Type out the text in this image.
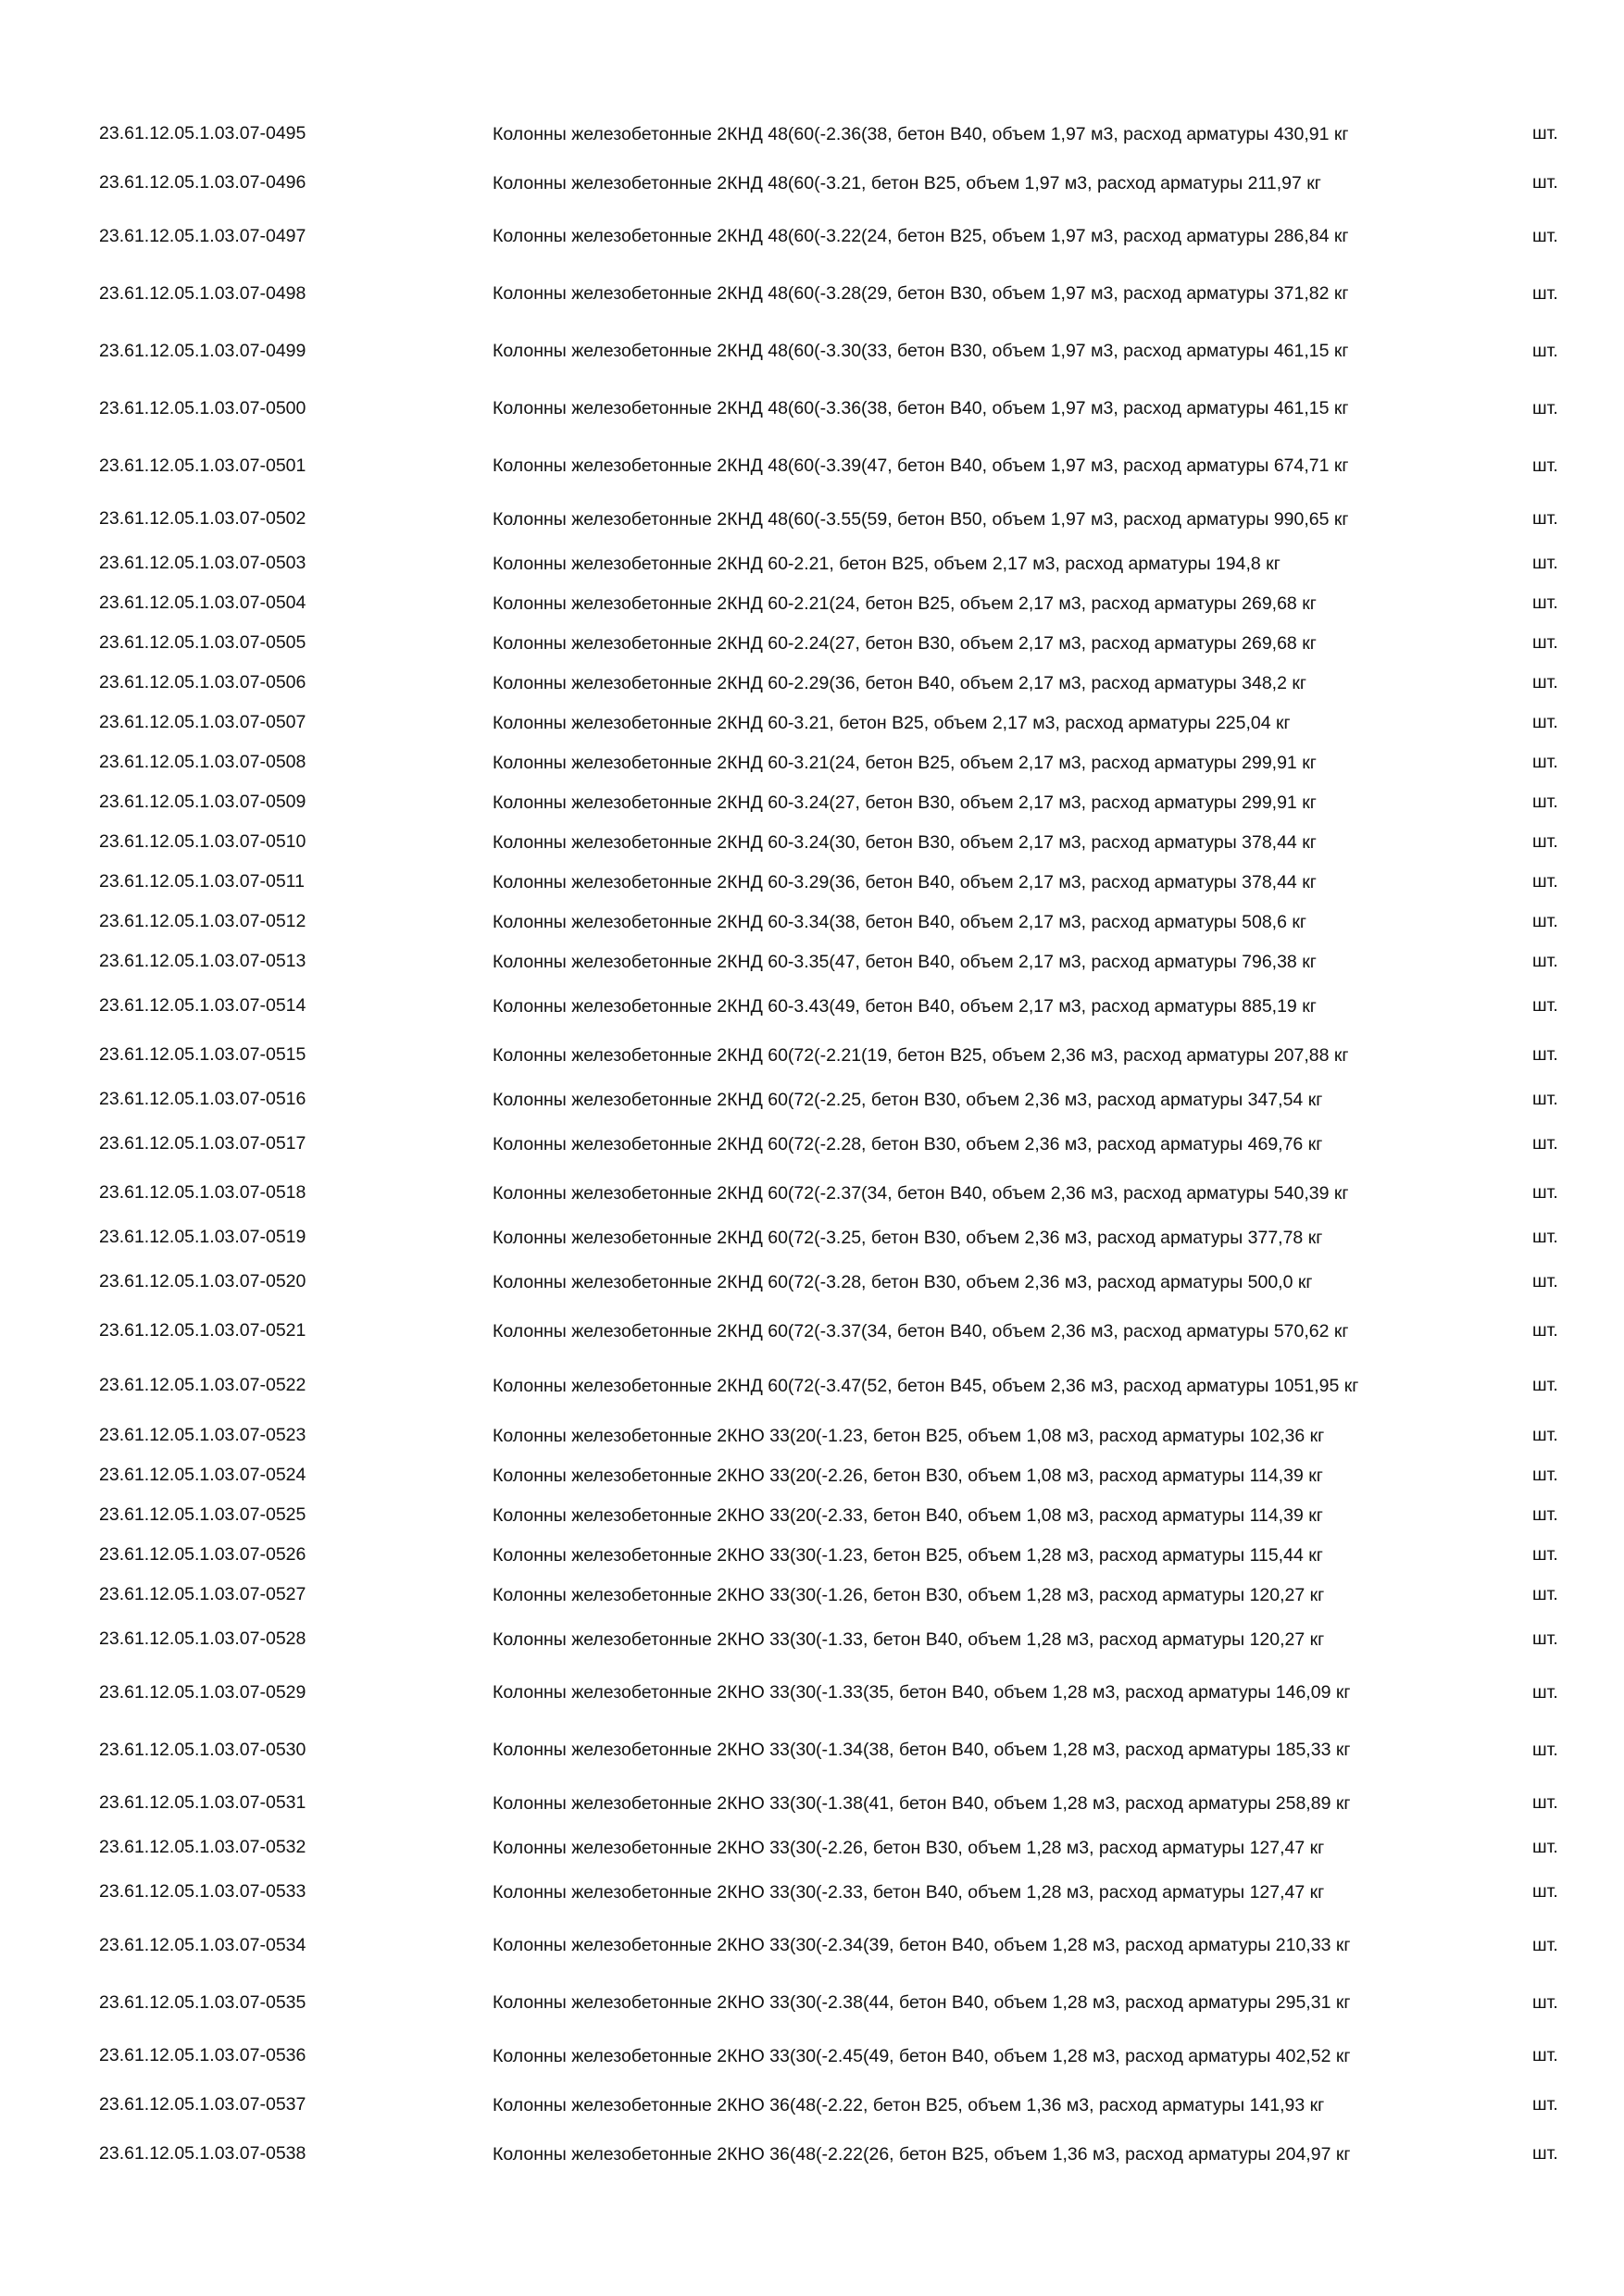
23.61.12.05.1.03.07-0495	Колонны железобетонные 2КНД 48(60(-2.36(38, бетон В40, объем 1,97 м3, расход арматуры 430,91 кг	шт.
23.61.12.05.1.03.07-0496	Колонны железобетонные 2КНД 48(60(-3.21, бетон В25, объем 1,97 м3, расход арматуры 211,97 кг	шт.
23.61.12.05.1.03.07-0497	Колонны железобетонные 2КНД 48(60(-3.22(24, бетон В25, объем 1,97 м3, расход арматуры 286,84 кг	шт.
23.61.12.05.1.03.07-0498	Колонны железобетонные 2КНД 48(60(-3.28(29, бетон В30, объем 1,97 м3, расход арматуры 371,82 кг	шт.
23.61.12.05.1.03.07-0499	Колонны железобетонные 2КНД 48(60(-3.30(33, бетон В30, объем 1,97 м3, расход арматуры 461,15 кг	шт.
23.61.12.05.1.03.07-0500	Колонны железобетонные 2КНД 48(60(-3.36(38, бетон В40, объем 1,97 м3, расход арматуры 461,15 кг	шт.
23.61.12.05.1.03.07-0501	Колонны железобетонные 2КНД 48(60(-3.39(47, бетон В40, объем 1,97 м3, расход арматуры 674,71 кг	шт.
23.61.12.05.1.03.07-0502	Колонны железобетонные 2КНД 48(60(-3.55(59, бетон В50, объем 1,97 м3, расход арматуры 990,65 кг	шт.
23.61.12.05.1.03.07-0503	Колонны железобетонные 2КНД 60-2.21, бетон В25, объем 2,17 м3, расход арматуры 194,8 кг	шт.
23.61.12.05.1.03.07-0504	Колонны железобетонные 2КНД 60-2.21(24, бетон В25, объем 2,17 м3, расход арматуры 269,68 кг	шт.
23.61.12.05.1.03.07-0505	Колонны железобетонные 2КНД 60-2.24(27, бетон В30, объем 2,17 м3, расход арматуры 269,68 кг	шт.
23.61.12.05.1.03.07-0506	Колонны железобетонные 2КНД 60-2.29(36, бетон В40, объем 2,17 м3, расход арматуры 348,2 кг	шт.
23.61.12.05.1.03.07-0507	Колонны железобетонные 2КНД 60-3.21, бетон В25, объем 2,17 м3, расход арматуры 225,04 кг	шт.
23.61.12.05.1.03.07-0508	Колонны железобетонные 2КНД 60-3.21(24, бетон В25, объем 2,17 м3, расход арматуры 299,91 кг	шт.
23.61.12.05.1.03.07-0509	Колонны железобетонные 2КНД 60-3.24(27, бетон В30, объем 2,17 м3, расход арматуры 299,91 кг	шт.
23.61.12.05.1.03.07-0510	Колонны железобетонные 2КНД 60-3.24(30, бетон В30, объем 2,17 м3, расход арматуры 378,44 кг	шт.
23.61.12.05.1.03.07-0511	Колонны железобетонные 2КНД 60-3.29(36, бетон В40, объем 2,17 м3, расход арматуры 378,44 кг	шт.
23.61.12.05.1.03.07-0512	Колонны железобетонные 2КНД 60-3.34(38, бетон В40, объем 2,17 м3, расход арматуры 508,6 кг	шт.
23.61.12.05.1.03.07-0513	Колонны железобетонные 2КНД 60-3.35(47, бетон В40, объем 2,17 м3, расход арматуры 796,38 кг	шт.
23.61.12.05.1.03.07-0514	Колонны железобетонные 2КНД 60-3.43(49, бетон В40, объем 2,17 м3, расход арматуры 885,19 кг	шт.
23.61.12.05.1.03.07-0515	Колонны железобетонные 2КНД 60(72(-2.21(19, бетон В25, объем 2,36 м3, расход арматуры 207,88 кг	шт.
23.61.12.05.1.03.07-0516	Колонны железобетонные 2КНД 60(72(-2.25, бетон В30, объем 2,36 м3, расход арматуры 347,54 кг	шт.
23.61.12.05.1.03.07-0517	Колонны железобетонные 2КНД 60(72(-2.28, бетон В30, объем 2,36 м3, расход арматуры 469,76 кг	шт.
23.61.12.05.1.03.07-0518	Колонны железобетонные 2КНД 60(72(-2.37(34, бетон В40, объем 2,36 м3, расход арматуры 540,39 кг	шт.
23.61.12.05.1.03.07-0519	Колонны железобетонные 2КНД 60(72(-3.25, бетон В30, объем 2,36 м3, расход арматуры 377,78 кг	шт.
23.61.12.05.1.03.07-0520	Колонны железобетонные 2КНД 60(72(-3.28, бетон В30, объем 2,36 м3, расход арматуры 500,0 кг	шт.
23.61.12.05.1.03.07-0521	Колонны железобетонные 2КНД 60(72(-3.37(34, бетон В40, объем 2,36 м3, расход арматуры 570,62 кг	шт.
23.61.12.05.1.03.07-0522	Колонны железобетонные 2КНД 60(72(-3.47(52, бетон В45, объем 2,36 м3, расход арматуры 1051,95 кг	шт.
23.61.12.05.1.03.07-0523	Колонны железобетонные 2КНО 33(20(-1.23, бетон В25, объем 1,08 м3, расход арматуры 102,36 кг	шт.
23.61.12.05.1.03.07-0524	Колонны железобетонные 2КНО 33(20(-2.26, бетон В30, объем 1,08 м3, расход арматуры 114,39 кг	шт.
23.61.12.05.1.03.07-0525	Колонны железобетонные 2КНО 33(20(-2.33, бетон В40, объем 1,08 м3, расход арматуры 114,39 кг	шт.
23.61.12.05.1.03.07-0526	Колонны железобетонные 2КНО 33(30(-1.23, бетон В25, объем 1,28 м3, расход арматуры 115,44 кг	шт.
23.61.12.05.1.03.07-0527	Колонны железобетонные 2КНО 33(30(-1.26, бетон В30, объем 1,28 м3, расход арматуры 120,27 кг	шт.
23.61.12.05.1.03.07-0528	Колонны железобетонные 2КНО 33(30(-1.33, бетон В40, объем 1,28 м3, расход арматуры 120,27 кг	шт.
23.61.12.05.1.03.07-0529	Колонны железобетонные 2КНО 33(30(-1.33(35, бетон В40, объем 1,28 м3, расход арматуры 146,09 кг	шт.
23.61.12.05.1.03.07-0530	Колонны железобетонные 2КНО 33(30(-1.34(38, бетон В40, объем 1,28 м3, расход арматуры 185,33 кг	шт.
23.61.12.05.1.03.07-0531	Колонны железобетонные 2КНО 33(30(-1.38(41, бетон В40, объем 1,28 м3, расход арматуры 258,89 кг	шт.
23.61.12.05.1.03.07-0532	Колонны железобетонные 2КНО 33(30(-2.26, бетон В30, объем 1,28 м3, расход арматуры 127,47 кг	шт.
23.61.12.05.1.03.07-0533	Колонны железобетонные 2КНО 33(30(-2.33, бетон В40, объем 1,28 м3, расход арматуры 127,47 кг	шт.
23.61.12.05.1.03.07-0534	Колонны железобетонные 2КНО 33(30(-2.34(39, бетон В40, объем 1,28 м3, расход арматуры 210,33 кг	шт.
23.61.12.05.1.03.07-0535	Колонны железобетонные 2КНО 33(30(-2.38(44, бетон В40, объем 1,28 м3, расход арматуры 295,31 кг	шт.
23.61.12.05.1.03.07-0536	Колонны железобетонные 2КНО 33(30(-2.45(49, бетон В40, объем 1,28 м3, расход арматуры 402,52 кг	шт.
23.61.12.05.1.03.07-0537	Колонны железобетонные 2КНО 36(48(-2.22, бетон В25, объем 1,36 м3, расход арматуры 141,93 кг	шт.
23.61.12.05.1.03.07-0538	Колонны железобетонные 2КНО 36(48(-2.22(26, бетон В25, объем 1,36 м3, расход арматуры 204,97 кг	шт.
